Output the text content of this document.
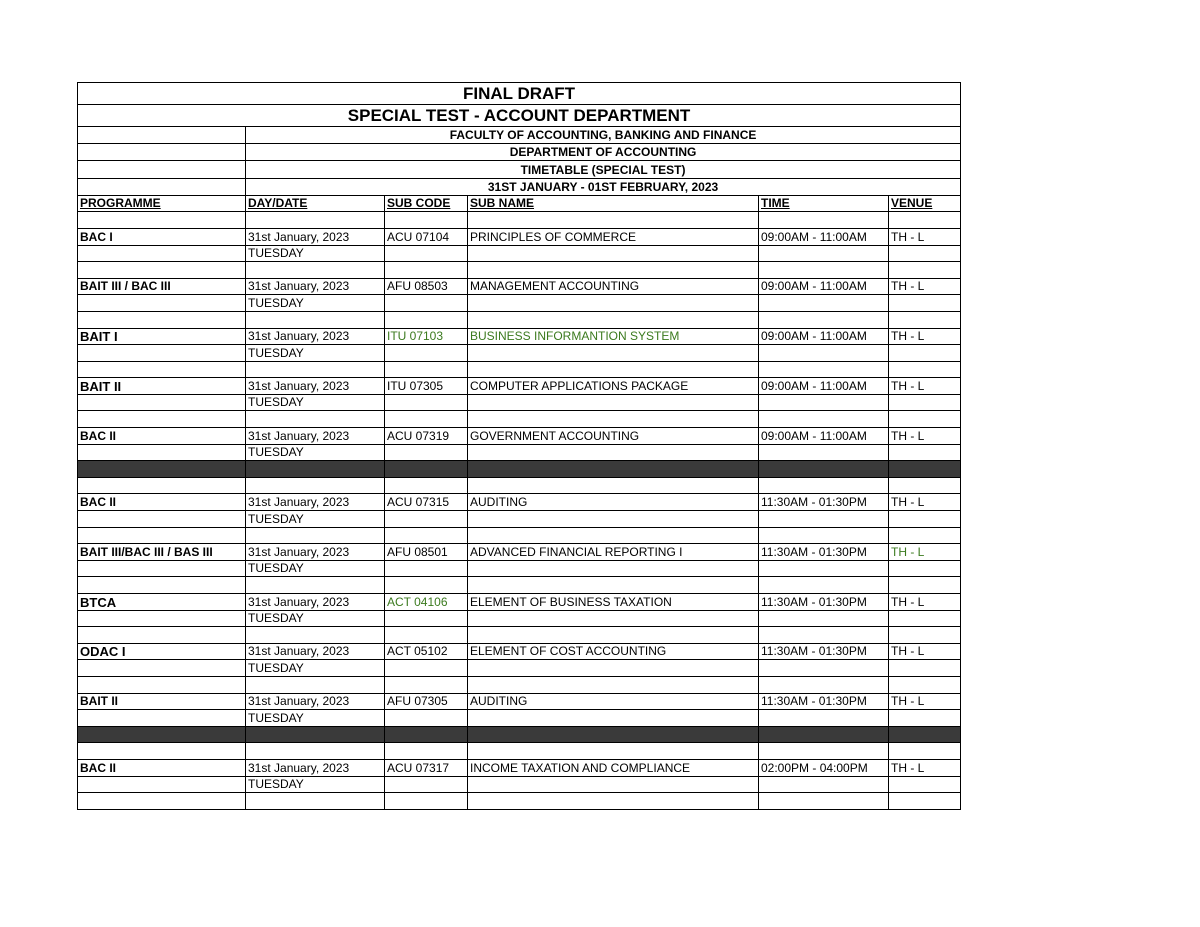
FINAL DRAFT					
SPECIAL TEST - ACCOUNT DEPARTMENT					
	FACULTY OF ACCOUNTING, BANKING AND FINANCE				
	DEPARTMENT OF ACCOUNTING				
	TIMETABLE (SPECIAL TEST)				
	31ST JANUARY - 01ST FEBRUARY, 2023				
PROGRAMME	DAY/DATE	SUB CODE	SUB NAME	TIME	VENUE

BAC I	31st January, 2023	ACU 07104	PRINCIPLES OF COMMERCE	09:00AM - 11:00AM	TH - L
	TUESDAY				

BAIT III / BAC III	31st January, 2023	AFU 08503	MANAGEMENT ACCOUNTING	09:00AM - 11:00AM	TH - L
	TUESDAY				

BAIT I	31st January, 2023	ITU 07103	BUSINESS INFORMANTION SYSTEM	09:00AM - 11:00AM	TH - L
	TUESDAY				

BAIT II	31st January, 2023	ITU 07305	COMPUTER APPLICATIONS PACKAGE	09:00AM - 11:00AM	TH - L
	TUESDAY				

BAC II	31st January, 2023	ACU 07319	GOVERNMENT ACCOUNTING	09:00AM - 11:00AM	TH - L
	TUESDAY				

BAC II	31st January, 2023	ACU 07315	AUDITING	11:30AM - 01:30PM	TH - L
	TUESDAY				

BAIT III/BAC III / BAS III	31st January, 2023	AFU 08501	ADVANCED FINANCIAL REPORTING I	11:30AM - 01:30PM	TH - L
	TUESDAY				

BTCA	31st January, 2023	ACT 04106	ELEMENT OF BUSINESS TAXATION	11:30AM - 01:30PM	TH - L
	TUESDAY				

ODAC I	31st January, 2023	ACT 05102	ELEMENT OF COST ACCOUNTING	11:30AM - 01:30PM	TH - L
	TUESDAY				

BAIT II	31st January, 2023	AFU 07305	AUDITING	11:30AM - 01:30PM	TH - L
	TUESDAY				

BAC II	31st January, 2023	ACU 07317	INCOME TAXATION AND COMPLIANCE	02:00PM - 04:00PM	TH - L
	TUESDAY				
